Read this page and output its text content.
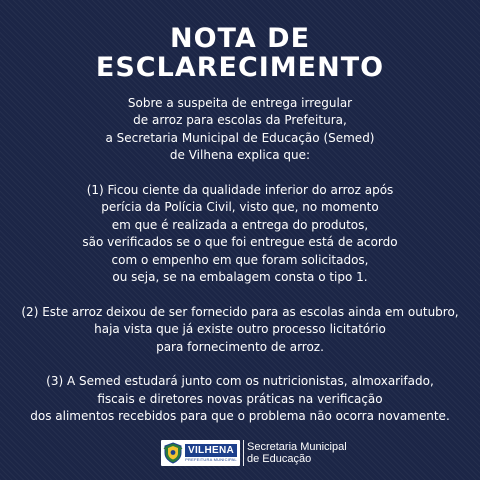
NOTA DE
ESCLARECIMENTO

Sobre a suspeita de entrega irregular
de arroz para escolas da Prefeitura,
a Secretaria Municipal de Educação (Semed)
de Vilhena explica que:

(1) Ficou ciente da qualidade inferior do arroz após
perícia da Polícia Civil, visto que, no momento
em que é realizada a entrega do produtos,
são verificados se o que foi entregue está de acordo
com o empenho em que foram solicitados,
ou seja, se na embalagem consta o tipo 1.

(2) Este arroz deixou de ser fornecido para as escolas ainda em outubro,
haja vista que já existe outro processo licitatório
para fornecimento de arroz.

(3) A Semed estudará junto com os nutricionistas, almoxarifado,
fiscais e diretores novas práticas na verificação
dos alimentos recebidos para que o problema não ocorra novamente.

VILHENA
PREFEITURA MUNICIPAL
Secretaria Municipal
de Educação
